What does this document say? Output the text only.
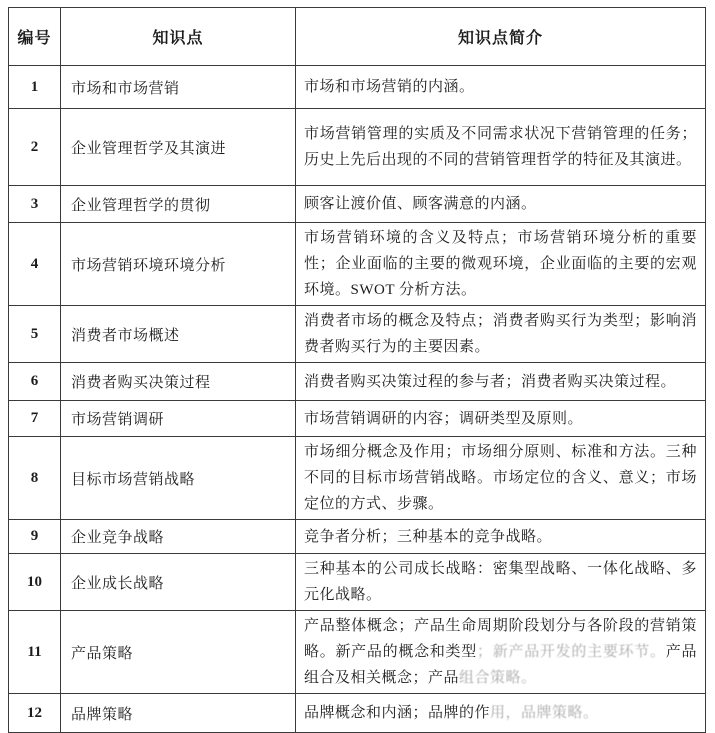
编号	知识点	知识点简介
1	市场和市场营销	市场和市场营销的内涵。
2	企业管理哲学及其演进	市场营销管理的实质及不同需求状况下营销管理的任务；历史上先后出现的不同的营销管理哲学的特征及其演进。
3	企业管理哲学的贯彻	顾客让渡价值、顾客满意的内涵。
4	市场营销环境环境分析	市场营销环境的含义及特点；市场营销环境分析的重要性；企业面临的主要的微观环境，企业面临的主要的宏观环境。SWOT 分析方法。
5	消费者市场概述	消费者市场的概念及特点；消费者购买行为类型；影响消费者购买行为的主要因素。
6	消费者购买决策过程	消费者购买决策过程的参与者；消费者购买决策过程。
7	市场营销调研	市场营销调研的内容；调研类型及原则。
8	目标市场营销战略	市场细分概念及作用；市场细分原则、标准和方法。三种不同的目标市场营销战略。市场定位的含义、意义；市场定位的方式、步骤。
9	企业竞争战略	竞争者分析；三种基本的竞争战略。
10	企业成长战略	三种基本的公司成长战略：密集型战略、一体化战略、多元化战略。
11	产品策略	产品整体概念；产品生命周期阶段划分与各阶段的营销策略。新产品的概念和类型；新产品开发的主要环节。产品组合及相关概念；产品组合策略。
12	品牌策略	品牌概念和内涵；品牌的作用，品牌策略。
